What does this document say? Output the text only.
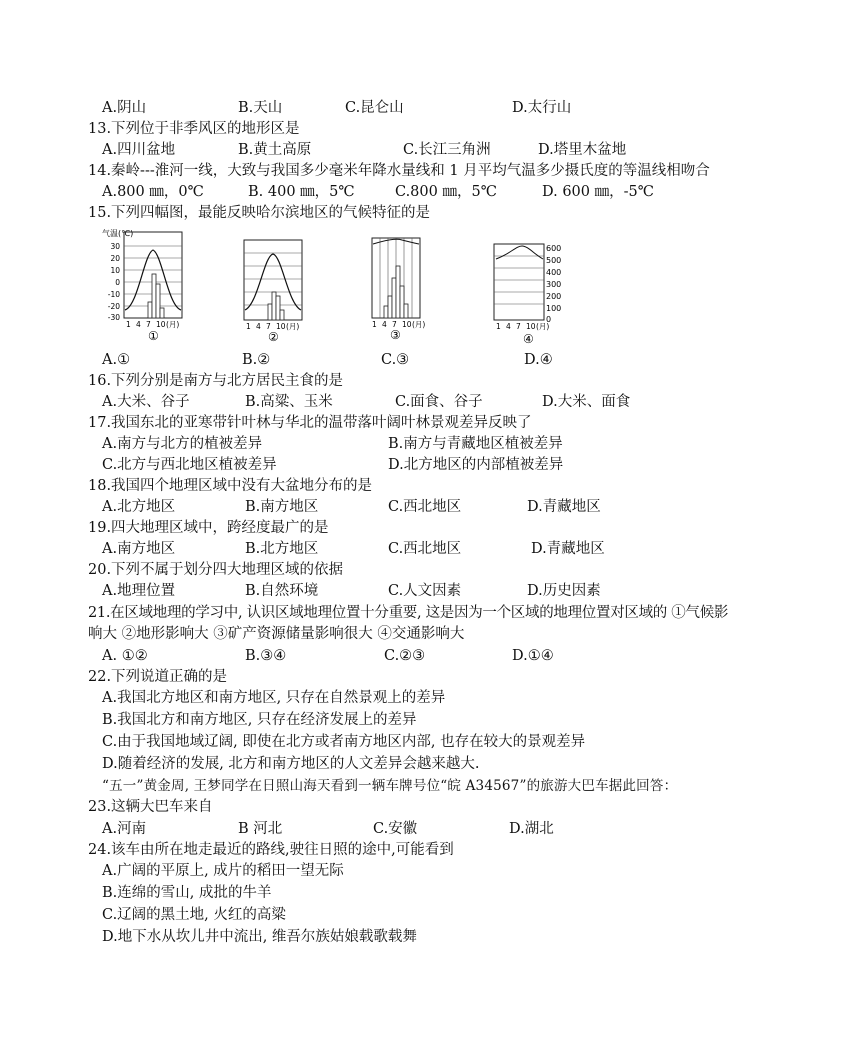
A.阴山	B.天山	C.昆仑山	D.太行山
13.下列位于非季风区的地形区是
A.四川盆地	B.黄土高原	C.长江三角洲	D.塔里木盆地
14.秦岭---淮河一线，大致与我国多少毫米年降水量线和 1 月平均气温多少摄氏度的等温线相吻合
A.800 ㎜，0℃	B. 400 ㎜，5℃	C.800 ㎜，5℃	D. 600 ㎜，-5℃
15.下列四幅图，最能反映哈尔滨地区的气候特征的是
气温(℃)
30
20
10
0
-10
-20
-30
1 4 7 10 (月)
①
1 4 7 10 (月)
②
1 4 7 10 (月)
③
600
500
400
300
200
100
0
1 4 7 10 (月)
④
A.①	B.②	C.③	D.④
16.下列分别是南方与北方居民主食的是
A.大米、谷子	B.高粱、玉米	C.面食、谷子	D.大米、面食
17.我国东北的亚寒带针叶林与华北的温带落叶阔叶林景观差异反映了
A.南方与北方的植被差异	B.南方与青藏地区植被差异
C.北方与西北地区植被差异	D.北方地区的内部植被差异
18.我国四个地理区域中没有大盆地分布的是
A.北方地区	B.南方地区	C.西北地区	D.青藏地区
19.四大地理区域中，跨经度最广的是
A.南方地区	B.北方地区	C.西北地区	D.青藏地区
20.下列不属于划分四大地理区域的依据
A.地理位置	B.自然环境	C.人文因素	D.历史因素
21.在区域地理的学习中, 认识区域地理位置十分重要, 这是因为一个区域的地理位置对区域的 ①气候影
响大 ②地形影响大 ③矿产资源储量影响很大 ④交通影响大
A. ①②	B.③④	C.②③	D.①④
22.下列说道正确的是
A.我国北方地区和南方地区, 只存在自然景观上的差异
B.我国北方和南方地区, 只存在经济发展上的差异
C.由于我国地域辽阔, 即使在北方或者南方地区内部, 也存在较大的景观差异
D.随着经济的发展, 北方和南方地区的人文差异会越来越大.
“五一”黄金周, 王梦同学在日照山海天看到一辆车牌号位“皖 A34567”的旅游大巴车据此回答：
23.这辆大巴车来自
A.河南	B 河北	C.安徽	D.湖北
24.该车由所在地走最近的路线,驶往日照的途中,可能看到
A.广阔的平原上, 成片的稻田一望无际
B.连绵的雪山, 成批的牛羊
C.辽阔的黑土地, 火红的高粱
D.地下水从坎儿井中流出, 维吾尔族姑娘载歌载舞
